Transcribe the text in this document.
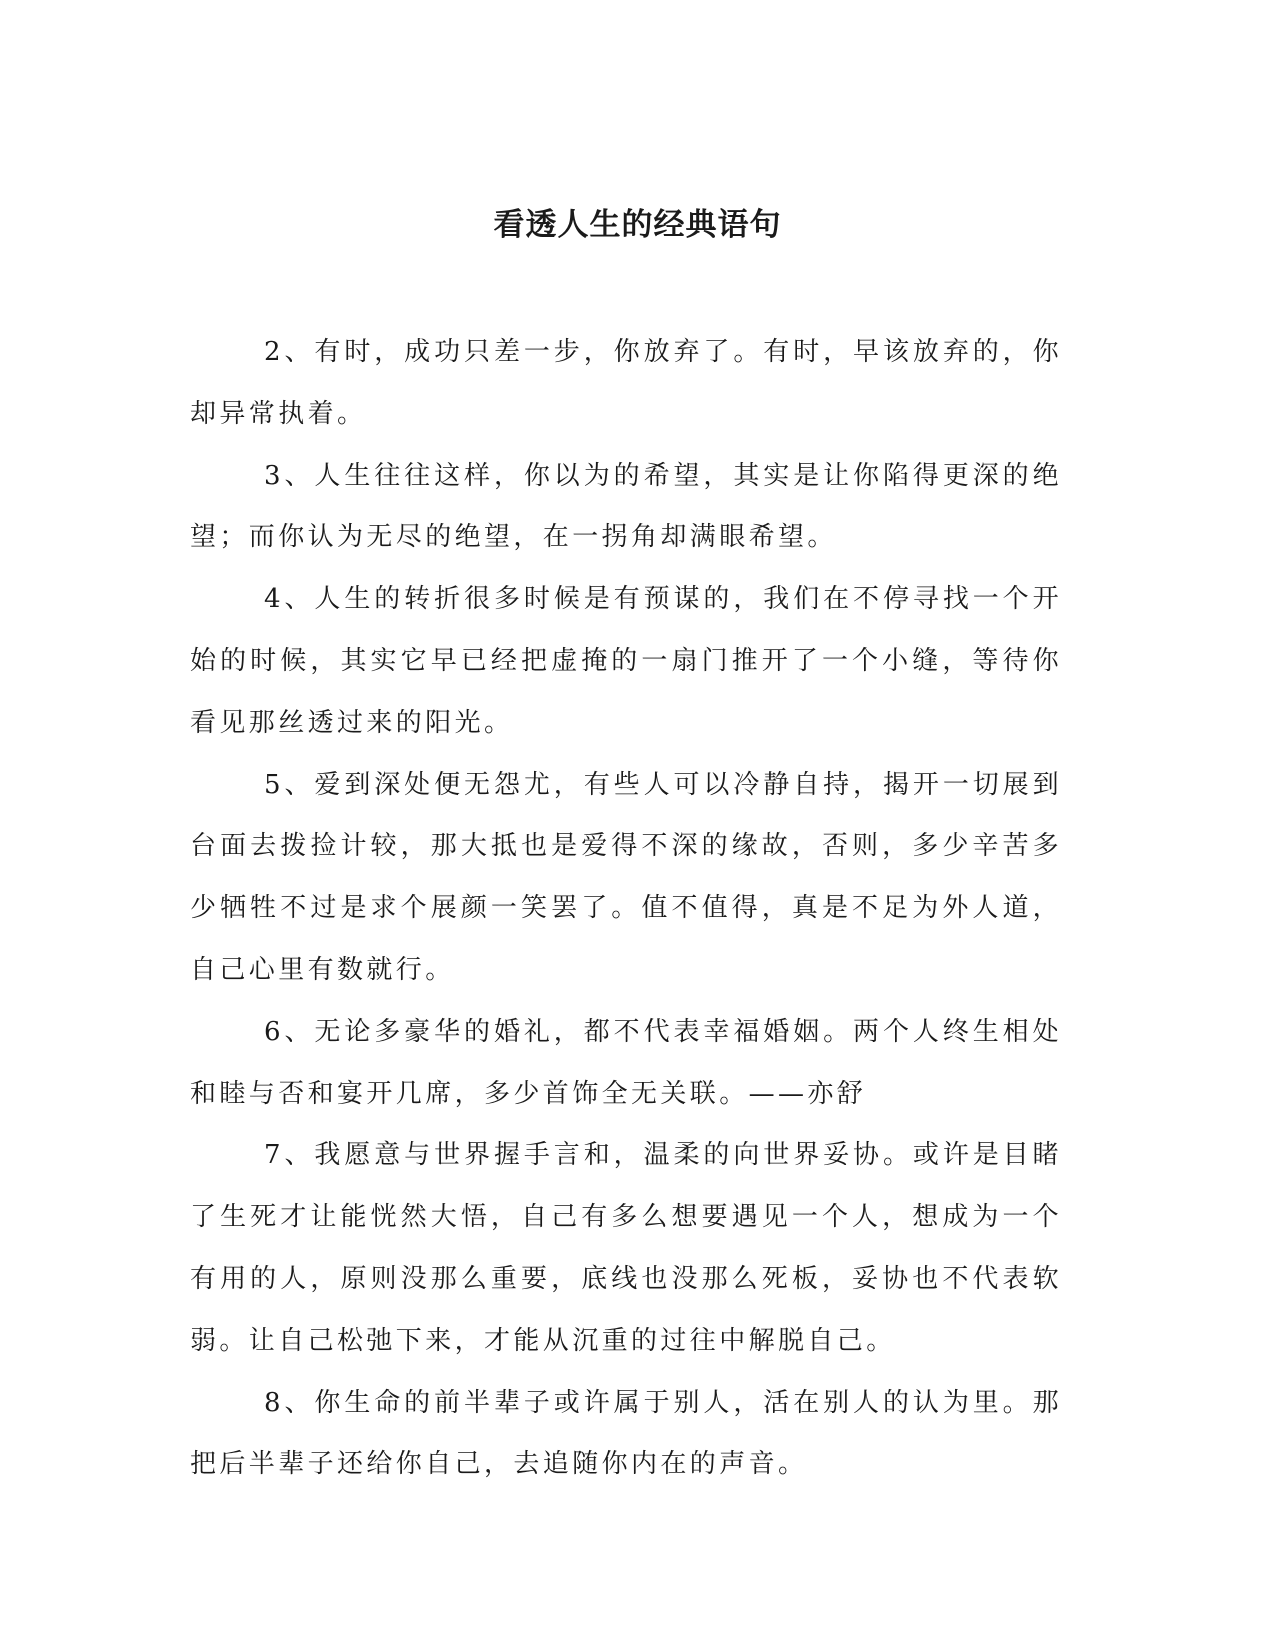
看透人生的经典语句

2、有时，成功只差一步，你放弃了。有时，早该放弃的，你却异常执着。

3、人生往往这样，你以为的希望，其实是让你陷得更深的绝望；而你认为无尽的绝望，在一拐角却满眼希望。

4、人生的转折很多时候是有预谋的，我们在不停寻找一个开始的时候，其实它早已经把虚掩的一扇门推开了一个小缝，等待你看见那丝透过来的阳光。

5、爱到深处便无怨尤，有些人可以冷静自持，揭开一切展到台面去拨捡计较，那大抵也是爱得不深的缘故，否则，多少辛苦多少牺牲不过是求个展颜一笑罢了。值不值得，真是不足为外人道，自己心里有数就行。

6、无论多豪华的婚礼，都不代表幸福婚姻。两个人终生相处和睦与否和宴开几席，多少首饰全无关联。——亦舒

7、我愿意与世界握手言和，温柔的向世界妥协。或许是目睹了生死才让能恍然大悟，自己有多么想要遇见一个人，想成为一个有用的人，原则没那么重要，底线也没那么死板，妥协也不代表软弱。让自己松弛下来，才能从沉重的过往中解脱自己。

8、你生命的前半辈子或许属于别人，活在别人的认为里。那把后半辈子还给你自己，去追随你内在的声音。
